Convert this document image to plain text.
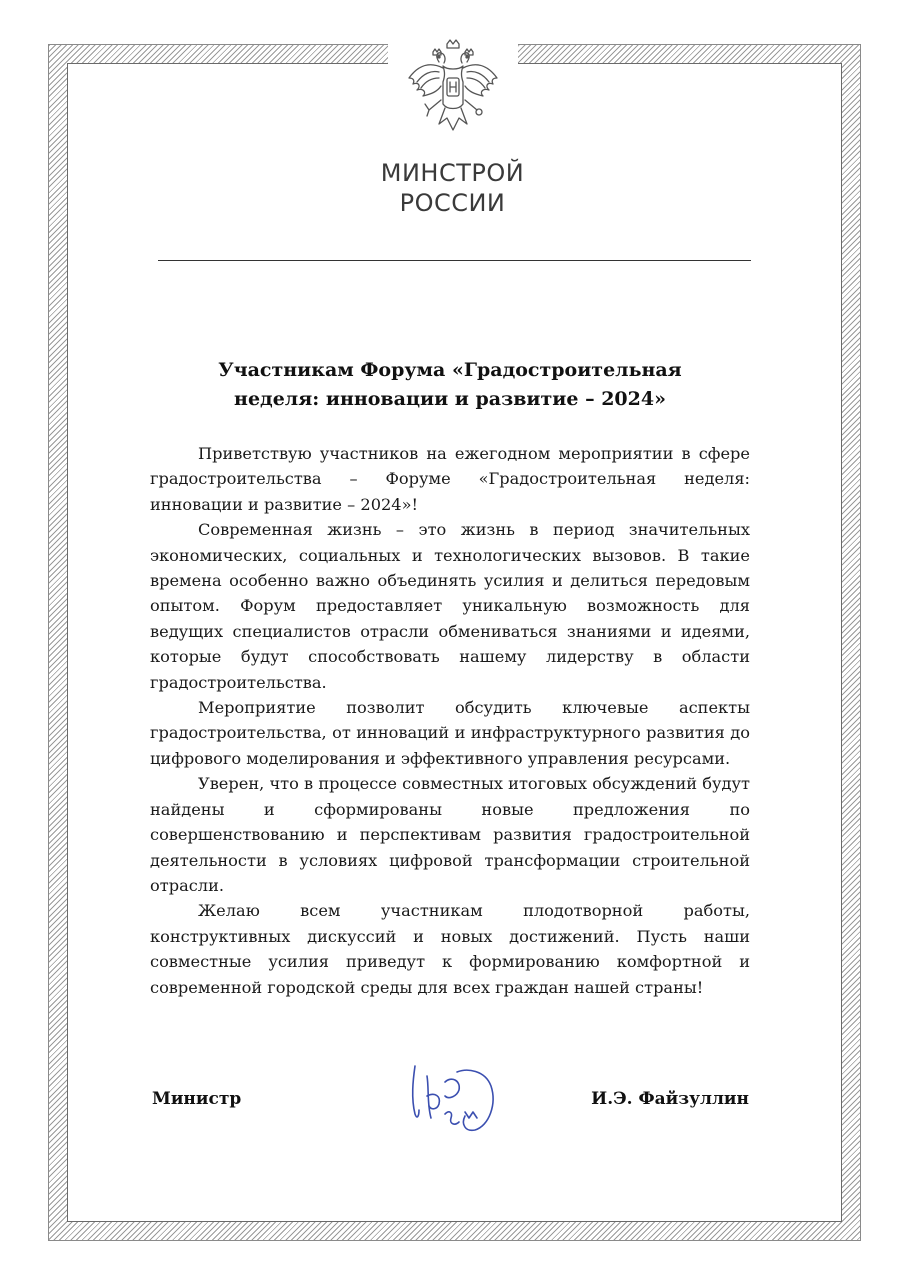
МИНСТРОЙ
РОССИИ
Участникам Форума «Градостроительная
неделя: инновации и развитие – 2024»

Приветствую участников на ежегодном мероприятии в сфере градостроительства – Форуме «Градостроительная неделя: инновации и развитие – 2024»!

Современная жизнь – это жизнь в период значительных экономических, социальных и технологических вызовов. В такие времена особенно важно объединять усилия и делиться передовым опытом. Форум предоставляет уникальную возможность для ведущих специалистов отрасли обмениваться знаниями и идеями, которые будут способствовать нашему лидерству в области градостроительства.

Мероприятие позволит обсудить ключевые аспекты градостроительства, от инноваций и инфраструктурного развития до цифрового моделирования и эффективного управления ресурсами.

Уверен, что в процессе совместных итоговых обсуждений будут найдены и сформированы новые предложения по совершенствованию и перспективам развития градостроительной деятельности в условиях цифровой трансформации строительной отрасли.

Желаю всем участникам плодотворной работы, конструктивных дискуссий и новых достижений. Пусть наши совместные усилия приведут к формированию комфортной и современной городской среды для всех граждан нашей страны!

Министр	И.Э. Файзуллин
